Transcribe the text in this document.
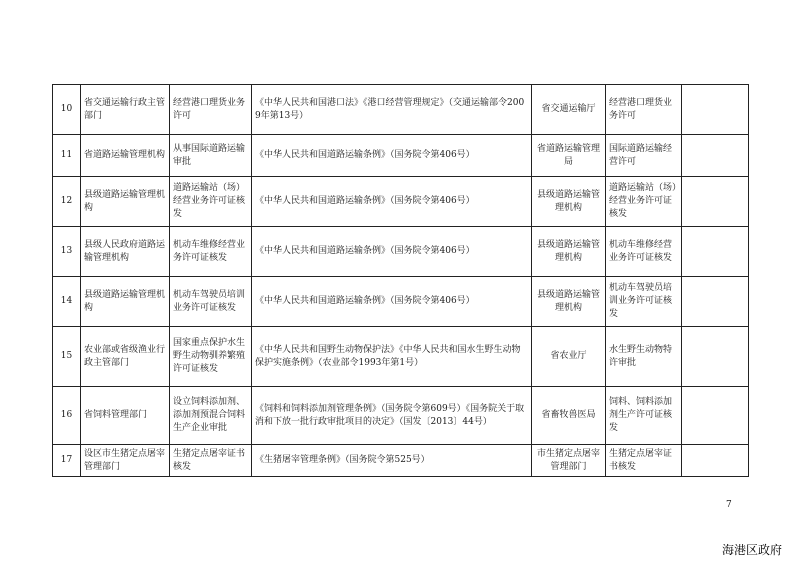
10	省交通运输行政主管部门	经营港口理货业务许可	《中华人民共和国港口法》《港口经营管理规定》（交通运输部令2009年第13号）	省交通运输厅	经营港口理货业务许可	
11	省道路运输管理机构	从事国际道路运输审批	《中华人民共和国道路运输条例》（国务院令第406号）	省道路运输管理局	国际道路运输经营许可	
12	县级道路运输管理机构	道路运输站（场）经营业务许可证核发	《中华人民共和国道路运输条例》（国务院令第406号）	县级道路运输管理机构	道路运输站（场）经营业务许可证核发	
13	县级人民政府道路运输管理机构	机动车维修经营业务许可证核发	《中华人民共和国道路运输条例》（国务院令第406号）	县级道路运输管理机构	机动车维修经营业务许可证核发	
14	县级道路运输管理机构	机动车驾驶员培训业务许可证核发	《中华人民共和国道路运输条例》（国务院令第406号）	县级道路运输管理机构	机动车驾驶员培训业务许可证核发	
15	农业部或省级渔业行政主管部门	国家重点保护水生野生动物驯养繁殖许可证核发	《中华人民共和国野生动物保护法》《中华人民共和国水生野生动物保护实施条例》（农业部令1993年第1号）	省农业厅	水生野生动物特许审批	
16	省饲料管理部门	设立饲料添加剂、添加剂预混合饲料生产企业审批	《饲料和饲料添加剂管理条例》（国务院令第609号）《国务院关于取消和下放一批行政审批项目的决定》（国发〔2013〕44号）	省畜牧兽医局	饲料、饲料添加剂生产许可证核发	
17	设区市生猪定点屠宰管理部门	生猪定点屠宰证书核发	《生猪屠宰管理条例》（国务院令第525号）	市生猪定点屠宰管理部门	生猪定点屠宰证书核发	
7
海港区政府
